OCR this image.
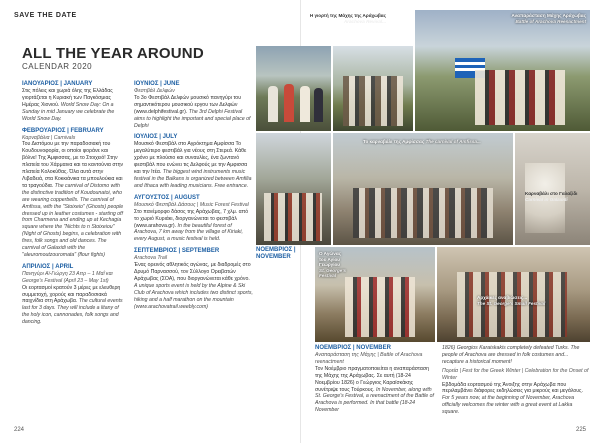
SAVE THE DATE
ALL THE YEAR AROUND
CALENDAR 2020
ΙΑΝΟΥΑΡΙΟΣ | JANUARY

Στις πόλεις και χωριά όλης της Ελλάδας γιορτάζεται η Κυριακή των Παγκόσμιας Ημέρας Χιονιού. World Snow Day: On a Sunday in mid January we celebrate the World Snow Day.

ΦΕΒΡΟΥΑΡΙΟΣ | FEBRUARY
Καρναβάλια | Carnivals

Του Διστόμου με την παραδοσιακή του Κουδουνοφορία, οι οποίοι φοράνε και βόλνε! Της Άμφισσας, με το Στοιχειό! Στην πλατεία του Χάρμαινα και τα καντούνια στην πλατεία Κολοκύθας. Όλα αυτά στην Λιβαδειά, στα Κοκκιάνικα τα μπουλούκια και τα τραγούδια. The carnival of Distomo with the distinctive tradition of Koudounatoi, who are wearing copperbells. The carnival of Amfissa, with the "Stoixeio" (Ghosts) people dressed up in leather costumes - starting off from Charmena and ending up at Kechagia square where the "Nichts to n Stoixeiou" (Night of Ghosts) begins, a celebration with fires, folk songs and old dances. The carnival of Galaxidi with the "aleuromoutzouromata" (flour fights)

ΑΠΡΙΛΙΟΣ | APRIL
Πανηγύρι Αϊ-Γιώργη 23 Απρ – 1 Μαΐ και George's Festival (April 23 – May 1st)

Οι εορτασμοί κρατούν 3 μέρες με ελευθερη συμμετοχή, χορούς και παραδοσιακά παιχνίδια στη Αράχωβα. The cultural events last for 3 days. They will include a litany of the holy icon, cannonades, folk songs and dancing.

ΙΟΥΝΙΟΣ | JUNE
Φεστιβάλ Δελφών

Το 3ο Φεστιβάλ Δελφών μουσικό πανηγύρι του σημαντικότερου μουσικού εργου των Δελφών (www.delphifestival.gr). The 3rd Delphi Festival aims to highlight the important and special place of Delphi

ΙΟΥΛΙΟΣ | JULY

Μουσικό Φεστιβάλ στο Αγρόκτημα Αμφίσσα Το μεγαλύτερο φεστιβάλ για νέους στη Στερεά. Κάθε χρόνο με πλούσιο και συναυλίες, ένα ζωντανό φεστιβάλ που ενώνει τις Δελφούς με την Αμφισσα και την Ιτέα. The biggest wind instruments music festival in the Balkans is organized between Amfilia and Ithaca with leading musicians. Free entrance.

ΑΥΓΟΥΣΤΟΣ | AUGUST
Μουσικό Φεστιβάλ Δάσους | Music Forest Festival

Στο πανέμορφο δάσος της Αράχωβας, 7 χλμ. από το χωριό Κυριάκι, διοργανώνεται το φεστιβάλ (www.arahova.gr). In the beautiful forest of Arachova, 7 km away from the village of Kiriaki, every August, a music festival is held.

ΣΕΠΤΕΜΒΡΙΟΣ | SEPTEMBER
Arachova Trail

Ένας ορεινός αθλητικός αγώνας, με διαδρομές στο Δρυμό Παρνασσού, τον Σύλλογο Ορειβατών Αράχωβας (ΣΟΑ), που διοργανώνεται κάθε χρόνο. A unique sports event is held by the Alpine & Ski Club of Arachova which includes two distinct sports, hiking and a half marathon on the mountain (www.arachovatrail.weebly.com)

Η γιορτή της Μάχης της Αράχωβας
Arachova Revival...
Αναπαράσταση Μάχης Αράχωβας
Battle of Arachova Reenactment
Το καρναβάλι της Αμφίσσας The carnival of Amfissa...
Καρναβάλι στο Γαλαξίδι
Carnival in Galaxidi
Ο Αγώνας του Αγίου Γεωργίου
St. George's Festival
Αρχάικες αναβιώσεις...
The St. George's Small Festival
ΝΟΕΜΒΡΙΟΣ | NOVEMBER
ΝΟΕΜΒΡΙΟΣ | NOVEMBER
Αναπαράσταση της Μάχης | Battle of Arachova reenactment

Τον Νοέμβριο πραγματοποιείται η αναπαράσταση της Μάχης της Αράχωβας. Σε αυτή (18-24 Νοεμβρίου 1826) ο Γεώργιος Καραϊσκάκης συνέτριψε τους Τούρκους. In November, along with St. George's Festival, a reenactment of the Battle of Arachova is performed. In that battle (18-24 November

1826) Georgios Karaiskakis completely defeated Turks. The people of Arachova are dressed in folk costumes and... recapture a historical moment!

Πορεία | Fest for the Greek Winter | Celebration for the Onset of Winter

Εβδομάδα εορτασμού της Άνοιξης στην Αράχωβα που περιλαμβάνει διάφορες εκδηλώσεις για μικρούς και μεγάλους. For 5 years now, at the beginning of November, Arachova officially welcomes the winter with a great event at Lakka square.

224	225
